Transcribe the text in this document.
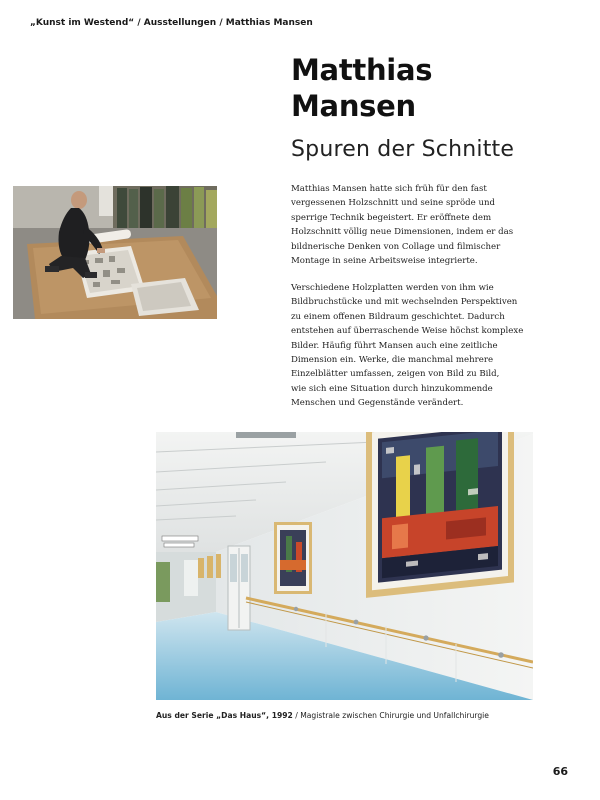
„Kunst im Westend“ / Ausstellungen / Matthias Mansen
Matthias
Mansen
Spuren der Schnitte
Matthias Mansen hatte sich früh für den fast
vergessenen Holzschnitt und seine spröde und
sperrige Technik begeistert. Er eröffnete dem
Holzschnitt völlig neue Dimensionen, indem er das
bildnerische Denken von Collage und filmischer
Montage in seine Arbeitsweise integrierte.
Verschiedene Holzplatten werden von ihm wie
Bildbruchstücke und mit wechselnden Perspektiven
zu einem offenen Bildraum geschichtet. Dadurch
entstehen auf überraschende Weise höchst komplexe
Bilder. Häufig führt Mansen auch eine zeitliche
Dimension ein. Werke, die manchmal mehrere
Einzelblätter umfassen, zeigen von Bild zu Bild,
wie sich eine Situation durch hinzukommende
Menschen und Gegenstände verändert.
Aus der Serie „Das Haus“, 1992 / Magistrale zwischen Chirurgie und Unfallchirurgie
66
